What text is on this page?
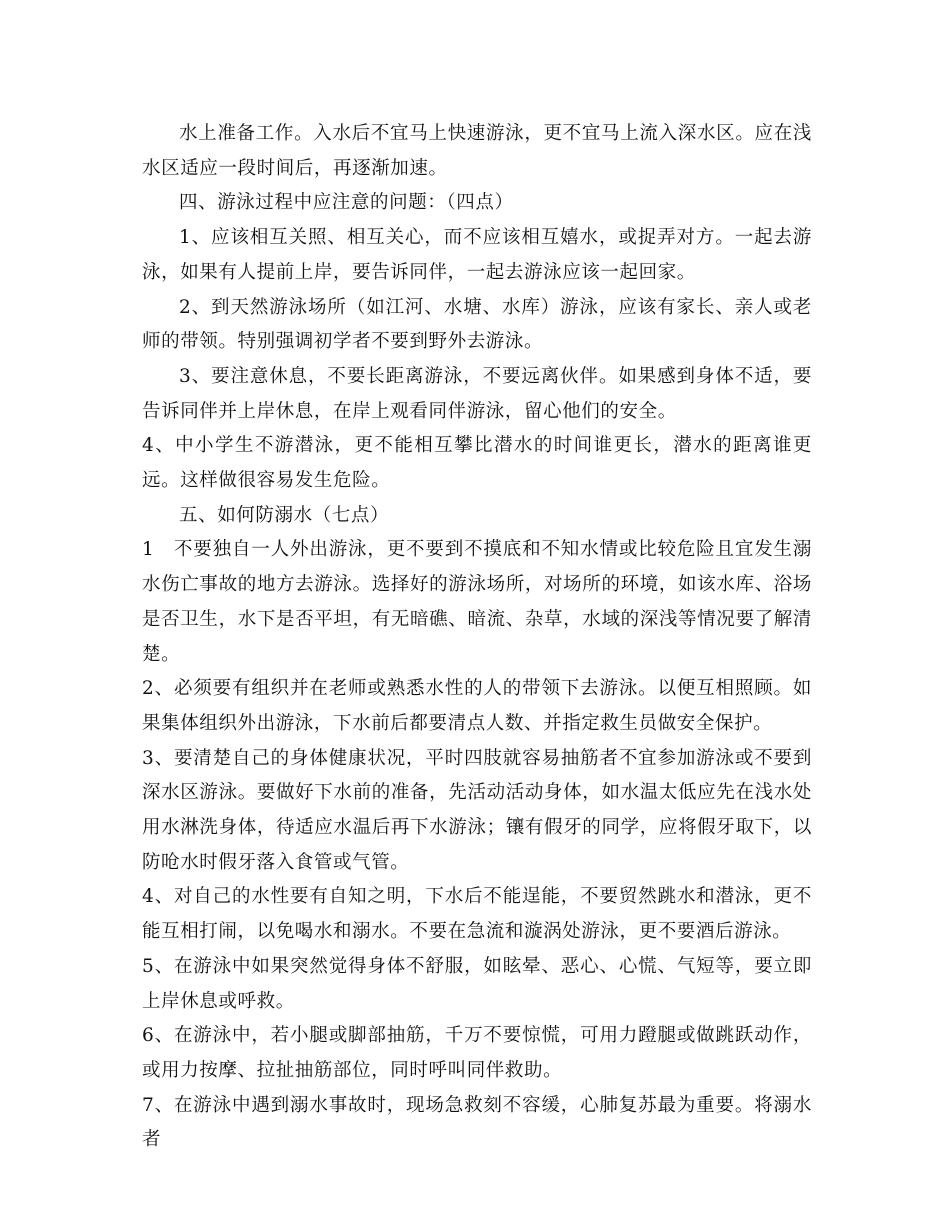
水上准备工作。入水后不宜马上快速游泳，更不宜马上流入深水区。应在浅水区适应一段时间后，再逐渐加速。

四、游泳过程中应注意的问题：（四点）

1、应该相互关照、相互关心，而不应该相互嬉水，或捉弄对方。一起去游泳，如果有人提前上岸，要告诉同伴，一起去游泳应该一起回家。

2、到天然游泳场所（如江河、水塘、水库）游泳，应该有家长、亲人或老师的带领。特别强调初学者不要到野外去游泳。

3、要注意休息，不要长距离游泳，不要远离伙伴。如果感到身体不适，要告诉同伴并上岸休息，在岸上观看同伴游泳，留心他们的安全。

4、中小学生不游潜泳，更不能相互攀比潜水的时间谁更长，潜水的距离谁更远。这样做很容易发生危险。

五、如何防溺水（七点）

1　不要独自一人外出游泳，更不要到不摸底和不知水情或比较危险且宜发生溺水伤亡事故的地方去游泳。选择好的游泳场所，对场所的环境，如该水库、浴场是否卫生，水下是否平坦，有无暗礁、暗流、杂草，水域的深浅等情况要了解清楚。

2、必须要有组织并在老师或熟悉水性的人的带领下去游泳。以便互相照顾。如果集体组织外出游泳，下水前后都要清点人数、并指定救生员做安全保护。

3、要清楚自己的身体健康状况，平时四肢就容易抽筋者不宜参加游泳或不要到深水区游泳。要做好下水前的准备，先活动活动身体，如水温太低应先在浅水处用水淋洗身体，待适应水温后再下水游泳；镶有假牙的同学，应将假牙取下，以防呛水时假牙落入食管或气管。

4、对自己的水性要有自知之明，下水后不能逞能，不要贸然跳水和潜泳，更不能互相打闹，以免喝水和溺水。不要在急流和漩涡处游泳，更不要酒后游泳。

5、在游泳中如果突然觉得身体不舒服，如眩晕、恶心、心慌、气短等，要立即上岸休息或呼救。

6、在游泳中，若小腿或脚部抽筋，千万不要惊慌，可用力蹬腿或做跳跃动作，或用力按摩、拉扯抽筋部位，同时呼叫同伴救助。

7、在游泳中遇到溺水事故时，现场急救刻不容缓，心肺复苏最为重要。将溺水者
